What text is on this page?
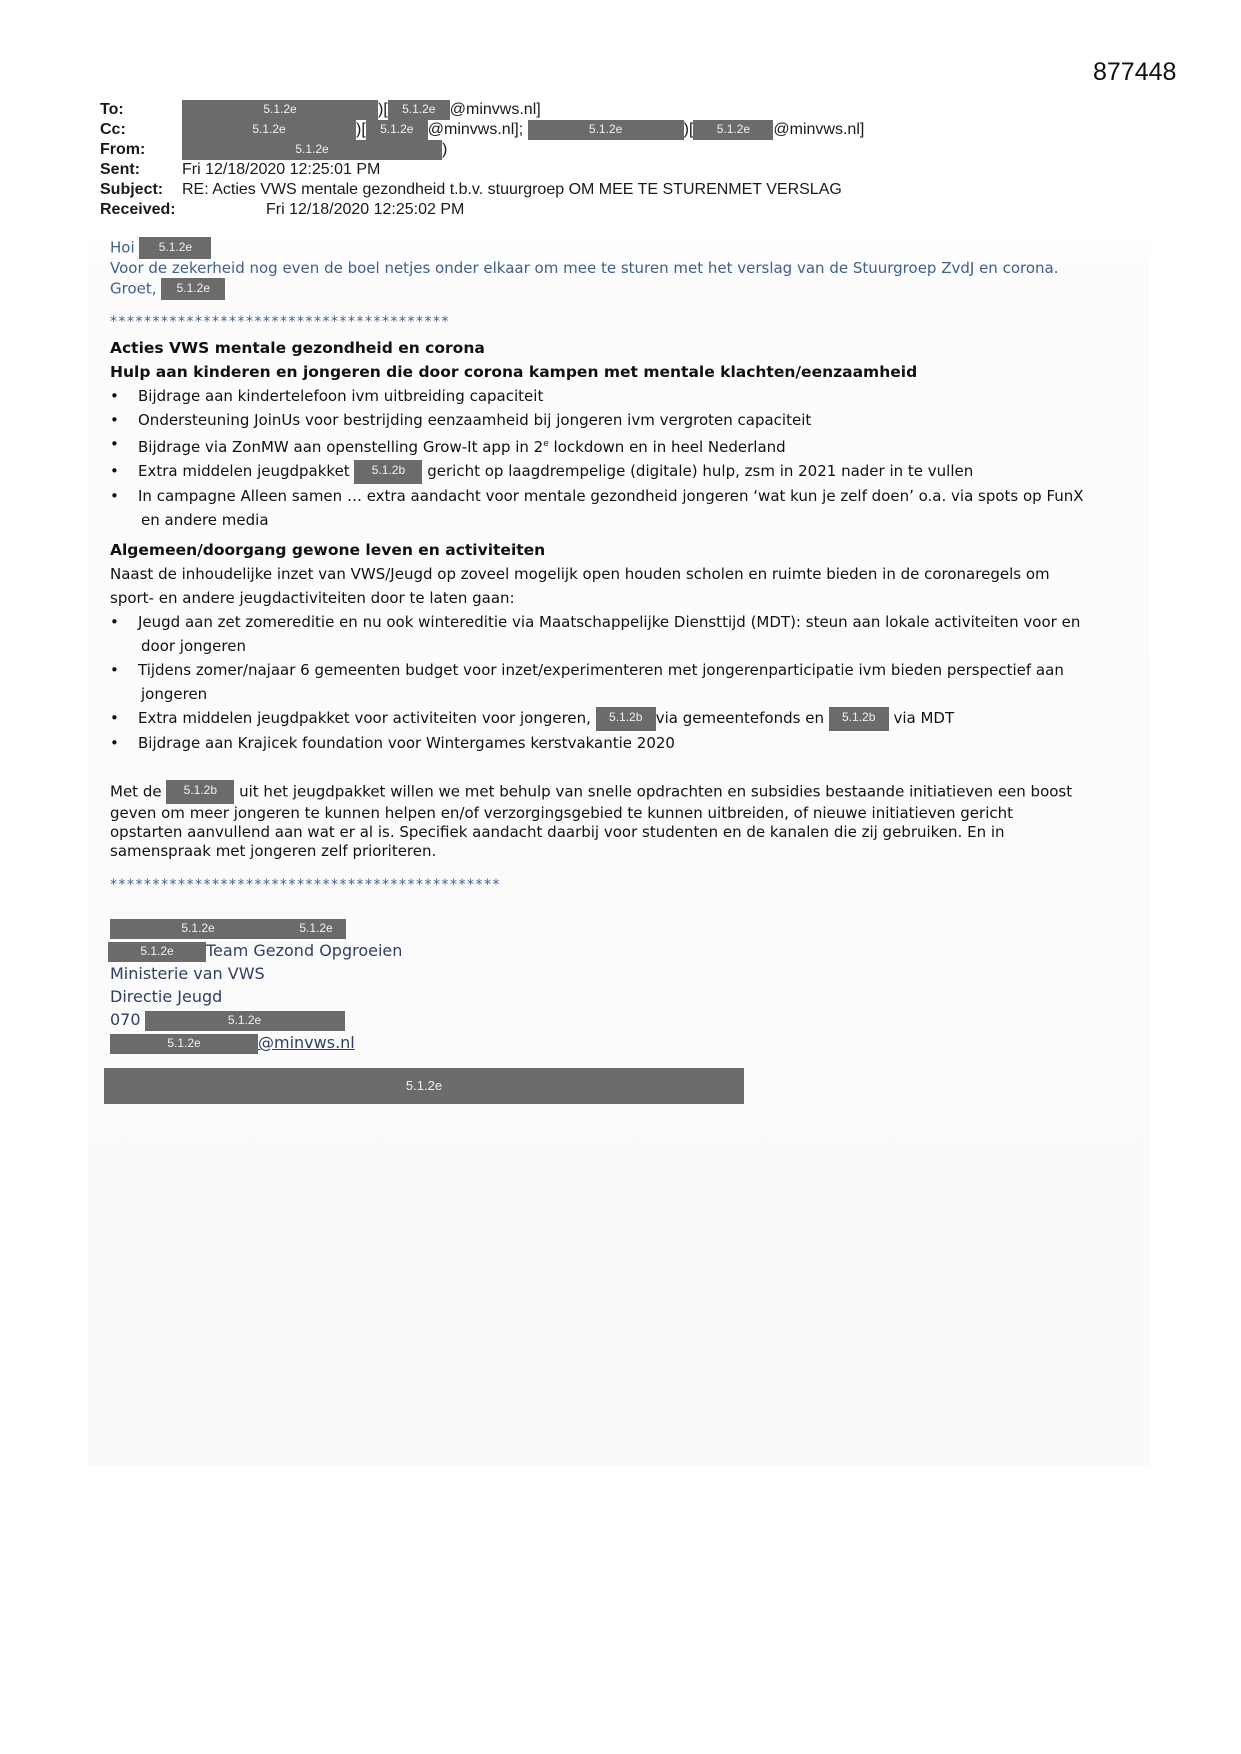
877448
To:	5.1.2e	)[ 5.1.2e @minvws.nl]
Cc:	5.1.2e	)[ 5.1.2e @minvws.nl];	5.1.2e	)[ 5.1.2e @minvws.nl]
From:	5.1.2e	)
Sent:	Fri 12/18/2020 12:25:01 PM
Subject: RE: Acties VWS mentale gezondheid t.b.v. stuurgroep OM MEE TE STURENMET VERSLAG
Received:	Fri 12/18/2020 12:25:02 PM
Hoi 5.1.2e
Voor de zekerheid nog even de boel netjes onder elkaar om mee te sturen met het verslag van de Stuurgroep ZvdJ en corona.
Groet, 5.1.2e
****************************************
Acties VWS mentale gezondheid en corona
Hulp aan kinderen en jongeren die door corona kampen met mentale klachten/eenzaamheid
• Bijdrage aan kindertelefoon ivm uitbreiding capaciteit
• Ondersteuning JoinUs voor bestrijding eenzaamheid bij jongeren ivm vergroten capaciteit
• Bijdrage via ZonMW aan openstelling Grow-It app in 2e lockdown en in heel Nederland
• Extra middelen jeugdpakket 5.1.2b gericht op laagdrempelige (digitale) hulp, zsm in 2021 nader in te vullen
• In campagne Alleen samen … extra aandacht voor mentale gezondheid jongeren ‘wat kun je zelf doen’ o.a. via spots op FunX
en andere media
Algemeen/doorgang gewone leven en activiteiten

Naast de inhoudelijke inzet van VWS/Jeugd op zoveel mogelijk open houden scholen en ruimte bieden in de coronaregels om
sport- en andere jeugdactiviteiten door te laten gaan:

• Jeugd aan zet zomereditie en nu ook wintereditie via Maatschappelijke Diensttijd (MDT): steun aan lokale activiteiten voor en
door jongeren
• Tijdens zomer/najaar 6 gemeenten budget voor inzet/experimenteren met jongerenparticipatie ivm bieden perspectief aan
jongeren
• Extra middelen jeugdpakket voor activiteiten voor jongeren, 5.1.2b via gemeentefonds en 5.1.2b via MDT
• Bijdrage aan Krajicek foundation voor Wintergames kerstvakantie 2020
Met de 5.1.2b uit het jeugdpakket willen we met behulp van snelle opdrachten en subsidies bestaande initiatieven een boost
geven om meer jongeren te kunnen helpen en/of verzorgingsgebied te kunnen uitbreiden, of nieuwe initiatieven gericht
opstarten aanvullend aan wat er al is. Specifiek aandacht daarbij voor studenten en de kanalen die zij gebruiken. En in
samenspraak met jongeren zelf prioriteren.
**********************************************
5.1.2e	5.1.2e
5.1.2e Team Gezond Opgroeien
Ministerie van VWS
Directie Jeugd
070	5.1.2e
5.1.2e	@minvws.nl
5.1.2e
